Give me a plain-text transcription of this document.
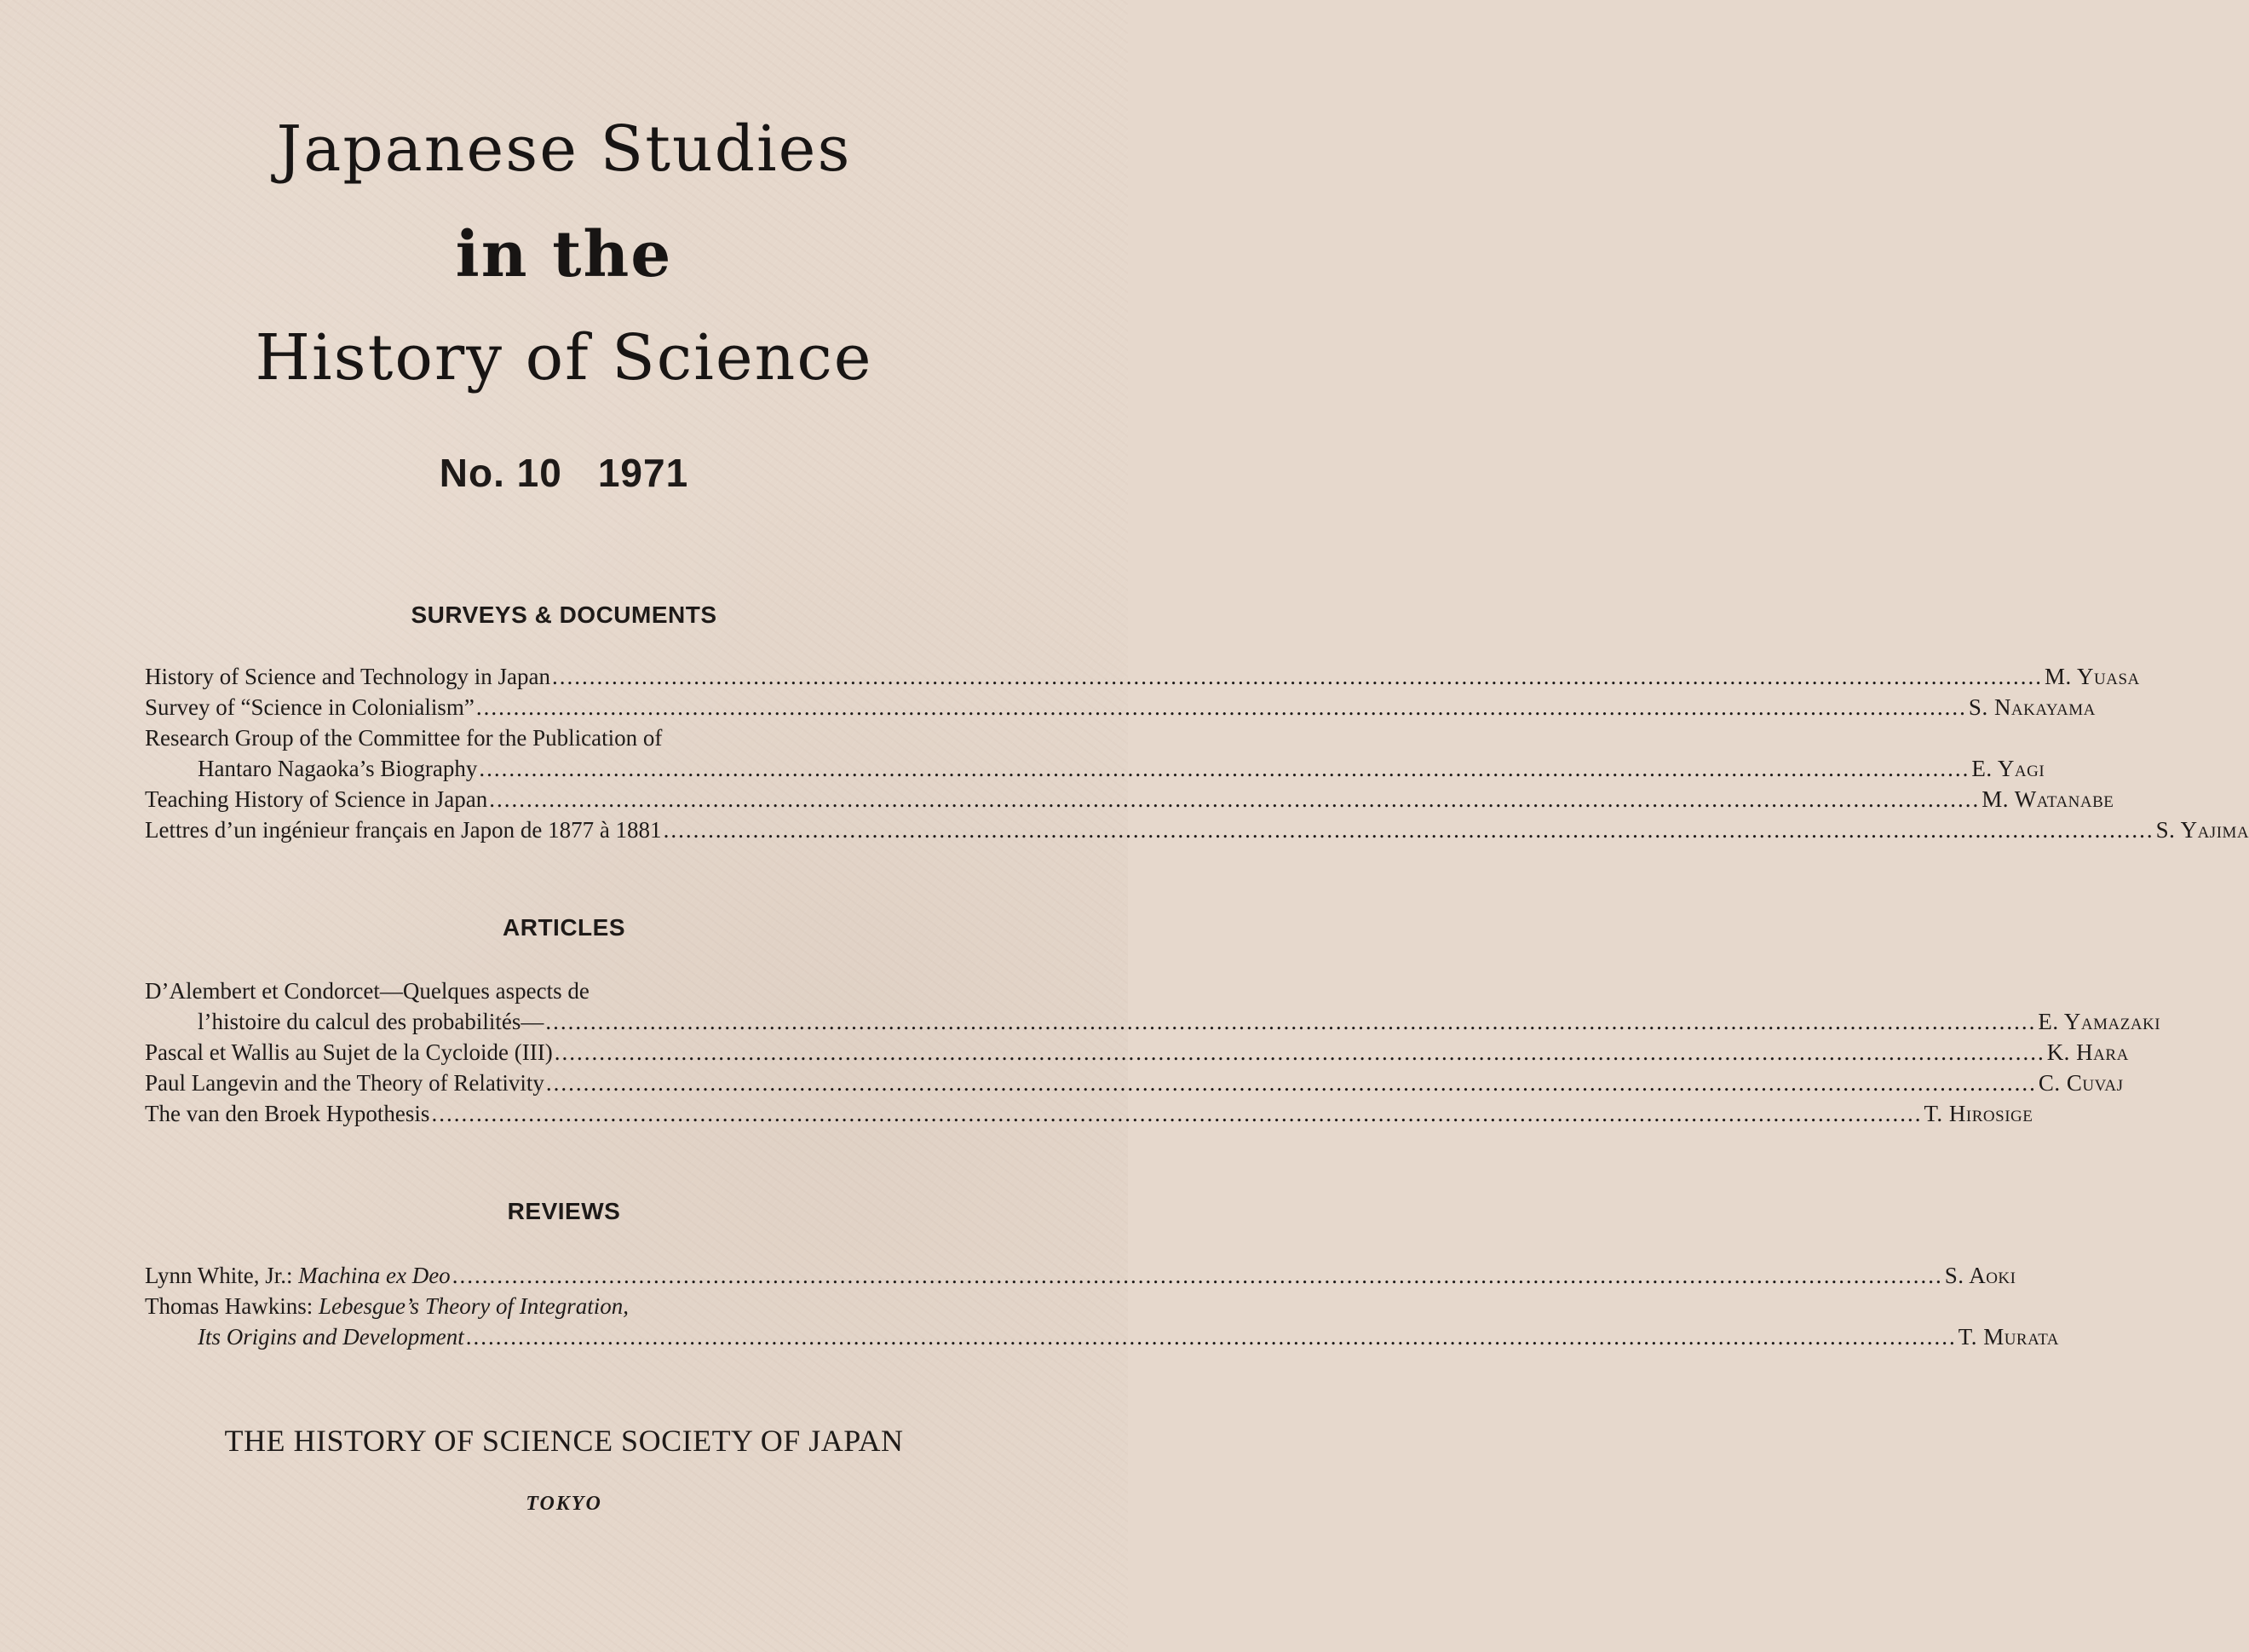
Japanese Studies
in the
History of Science
No. 10 1971
SURVEYS & DOCUMENTS
History of Science and Technology in Japan ........................................................................................................................................................................................................ M. Yuasa
Survey of “Science in Colonialism” ........................................................................................................................................................................................................ S. Nakayama
Research Group of the Committee for the Publication of
Hantaro Nagaoka’s Biography ........................................................................................................................................................................................................ E. Yagi
Teaching History of Science in Japan ........................................................................................................................................................................................................ M. Watanabe
Lettres d’un ingénieur français en Japon de 1877 à 1881 ........................................................................................................................................................................................................ S. Yajima
ARTICLES
D’Alembert et Condorcet—Quelques aspects de
l’histoire du calcul des probabilités— ........................................................................................................................................................................................................ E. Yamazaki
Pascal et Wallis au Sujet de la Cycloide (III) ........................................................................................................................................................................................................ K. Hara
Paul Langevin and the Theory of Relativity ........................................................................................................................................................................................................ C. Cuvaj
The van den Broek Hypothesis ........................................................................................................................................................................................................ T. Hirosige
REVIEWS
Lynn White, Jr.: Machina ex Deo ........................................................................................................................................................................................................ S. Aoki
Thomas Hawkins: Lebesgue’s Theory of Integration,
Its Origins and Development ........................................................................................................................................................................................................ T. Murata
THE HISTORY OF SCIENCE SOCIETY OF JAPAN
TOKYO
